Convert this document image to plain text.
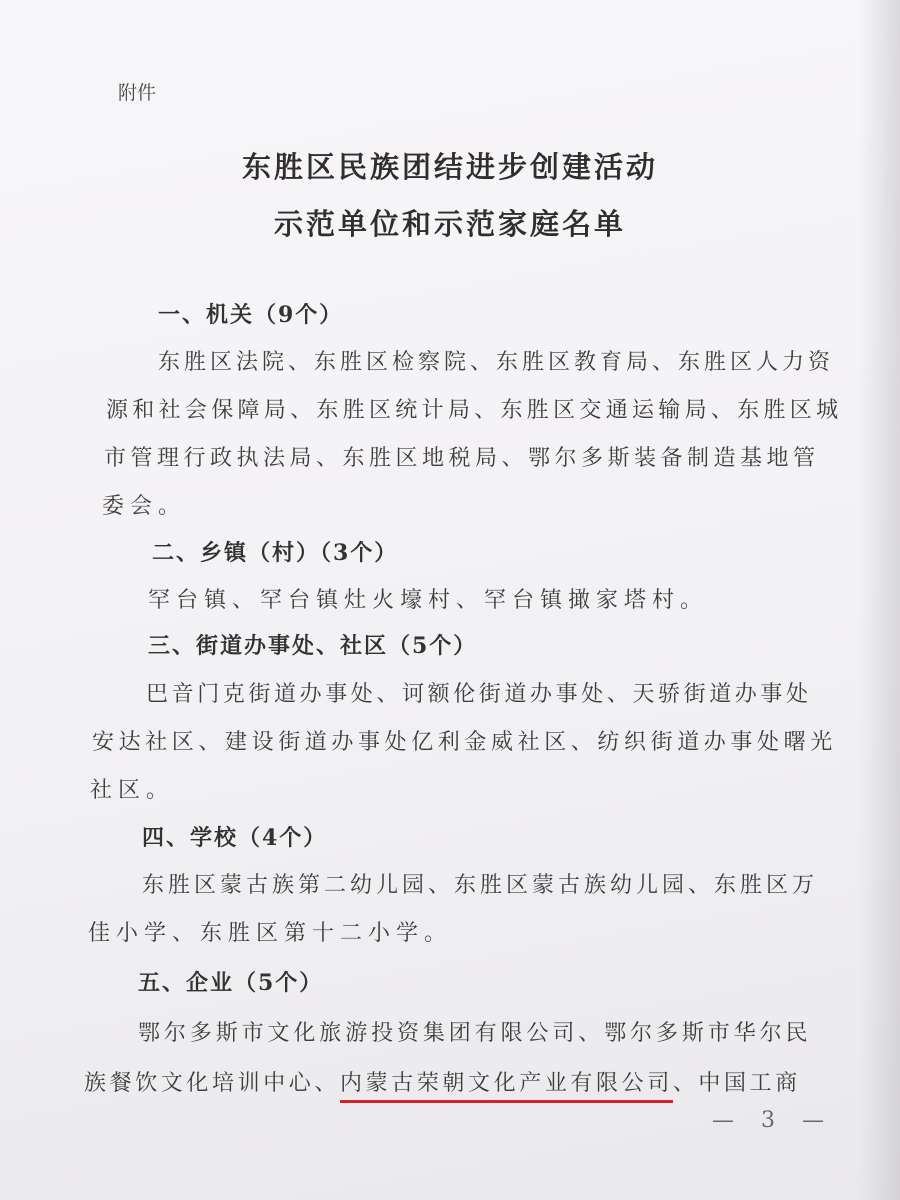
附件
东胜区民族团结进步创建活动
示范单位和示范家庭名单
一、机关（9个）
东胜区法院、东胜区检察院、东胜区教育局、东胜区人力资
源和社会保障局、东胜区统计局、东胜区交通运输局、东胜区城
市管理行政执法局、东胜区地税局、鄂尔多斯装备制造基地管
委会。
二、乡镇（村）（3个）
罕台镇、罕台镇灶火壕村、罕台镇撖家塔村。
三、街道办事处、社区（5个）
巴音门克街道办事处、诃额伦街道办事处、天骄街道办事处
安达社区、建设街道办事处亿利金威社区、纺织街道办事处曙光
社区。
四、学校（4个）
东胜区蒙古族第二幼儿园、东胜区蒙古族幼儿园、东胜区万
佳小学、东胜区第十二小学。
五、企业（5个）
鄂尔多斯市文化旅游投资集团有限公司、鄂尔多斯市华尔民
族餐饮文化培训中心、内蒙古荣朝文化产业有限公司、中国工商
— 3 —
